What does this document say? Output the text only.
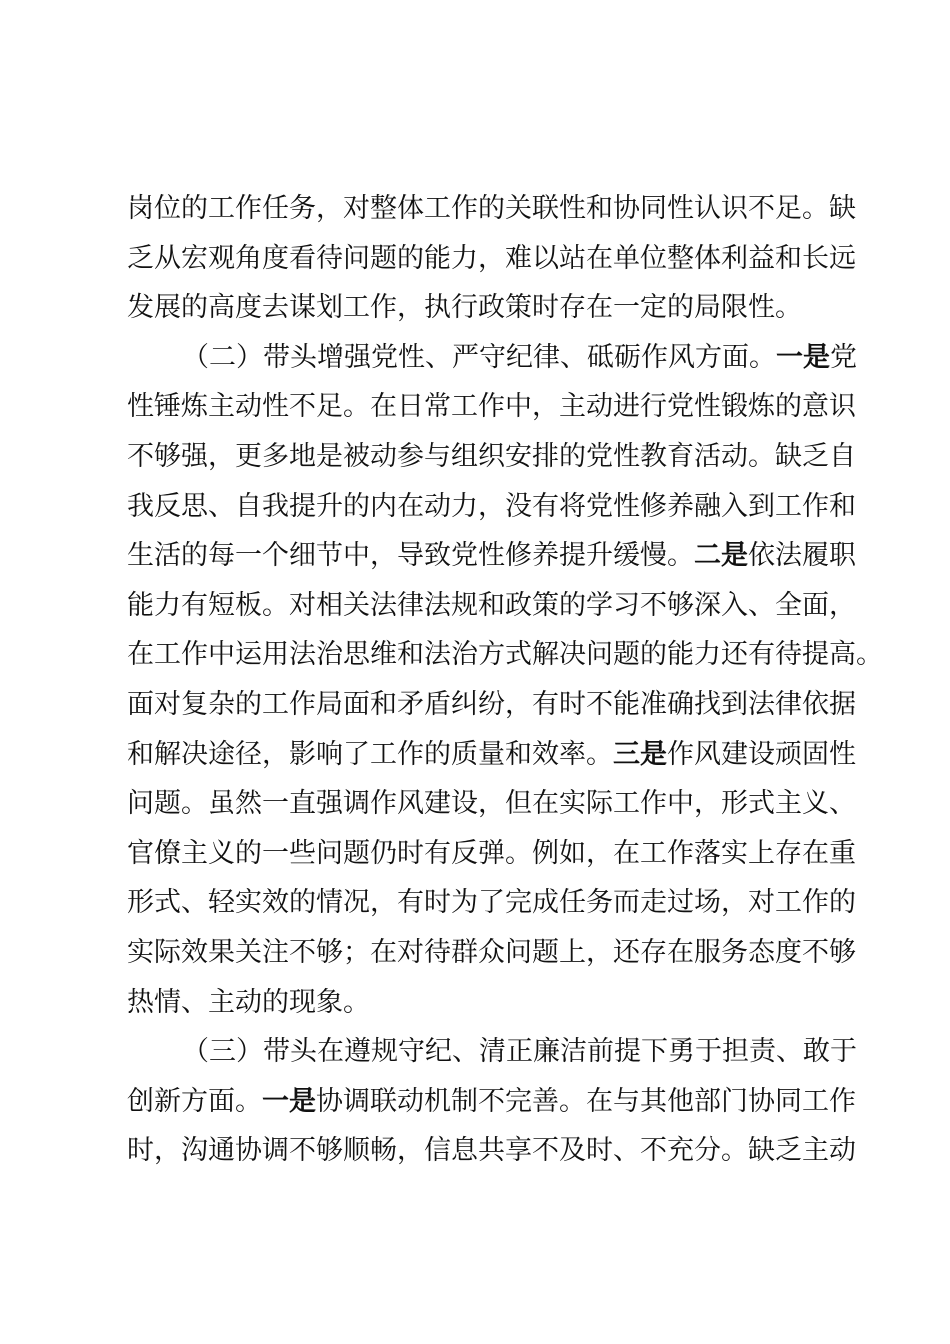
岗位的工作任务，对整体工作的关联性和协同性认识不足。缺
乏从宏观角度看待问题的能力，难以站在单位整体利益和长远
发展的高度去谋划工作，执行政策时存在一定的局限性。
（二）带头增强党性、严守纪律、砥砺作风方面。一是党
性锤炼主动性不足。在日常工作中，主动进行党性锻炼的意识
不够强，更多地是被动参与组织安排的党性教育活动。缺乏自
我反思、自我提升的内在动力，没有将党性修养融入到工作和
生活的每一个细节中，导致党性修养提升缓慢。二是依法履职
能力有短板。对相关法律法规和政策的学习不够深入、全面，
在工作中运用法治思维和法治方式解决问题的能力还有待提高。
面对复杂的工作局面和矛盾纠纷，有时不能准确找到法律依据
和解决途径，影响了工作的质量和效率。三是作风建设顽固性
问题。虽然一直强调作风建设，但在实际工作中，形式主义、
官僚主义的一些问题仍时有反弹。例如，在工作落实上存在重
形式、轻实效的情况，有时为了完成任务而走过场，对工作的
实际效果关注不够；在对待群众问题上，还存在服务态度不够
热情、主动的现象。
（三）带头在遵规守纪、清正廉洁前提下勇于担责、敢于
创新方面。一是协调联动机制不完善。在与其他部门协同工作
时，沟通协调不够顺畅，信息共享不及时、不充分。缺乏主动
